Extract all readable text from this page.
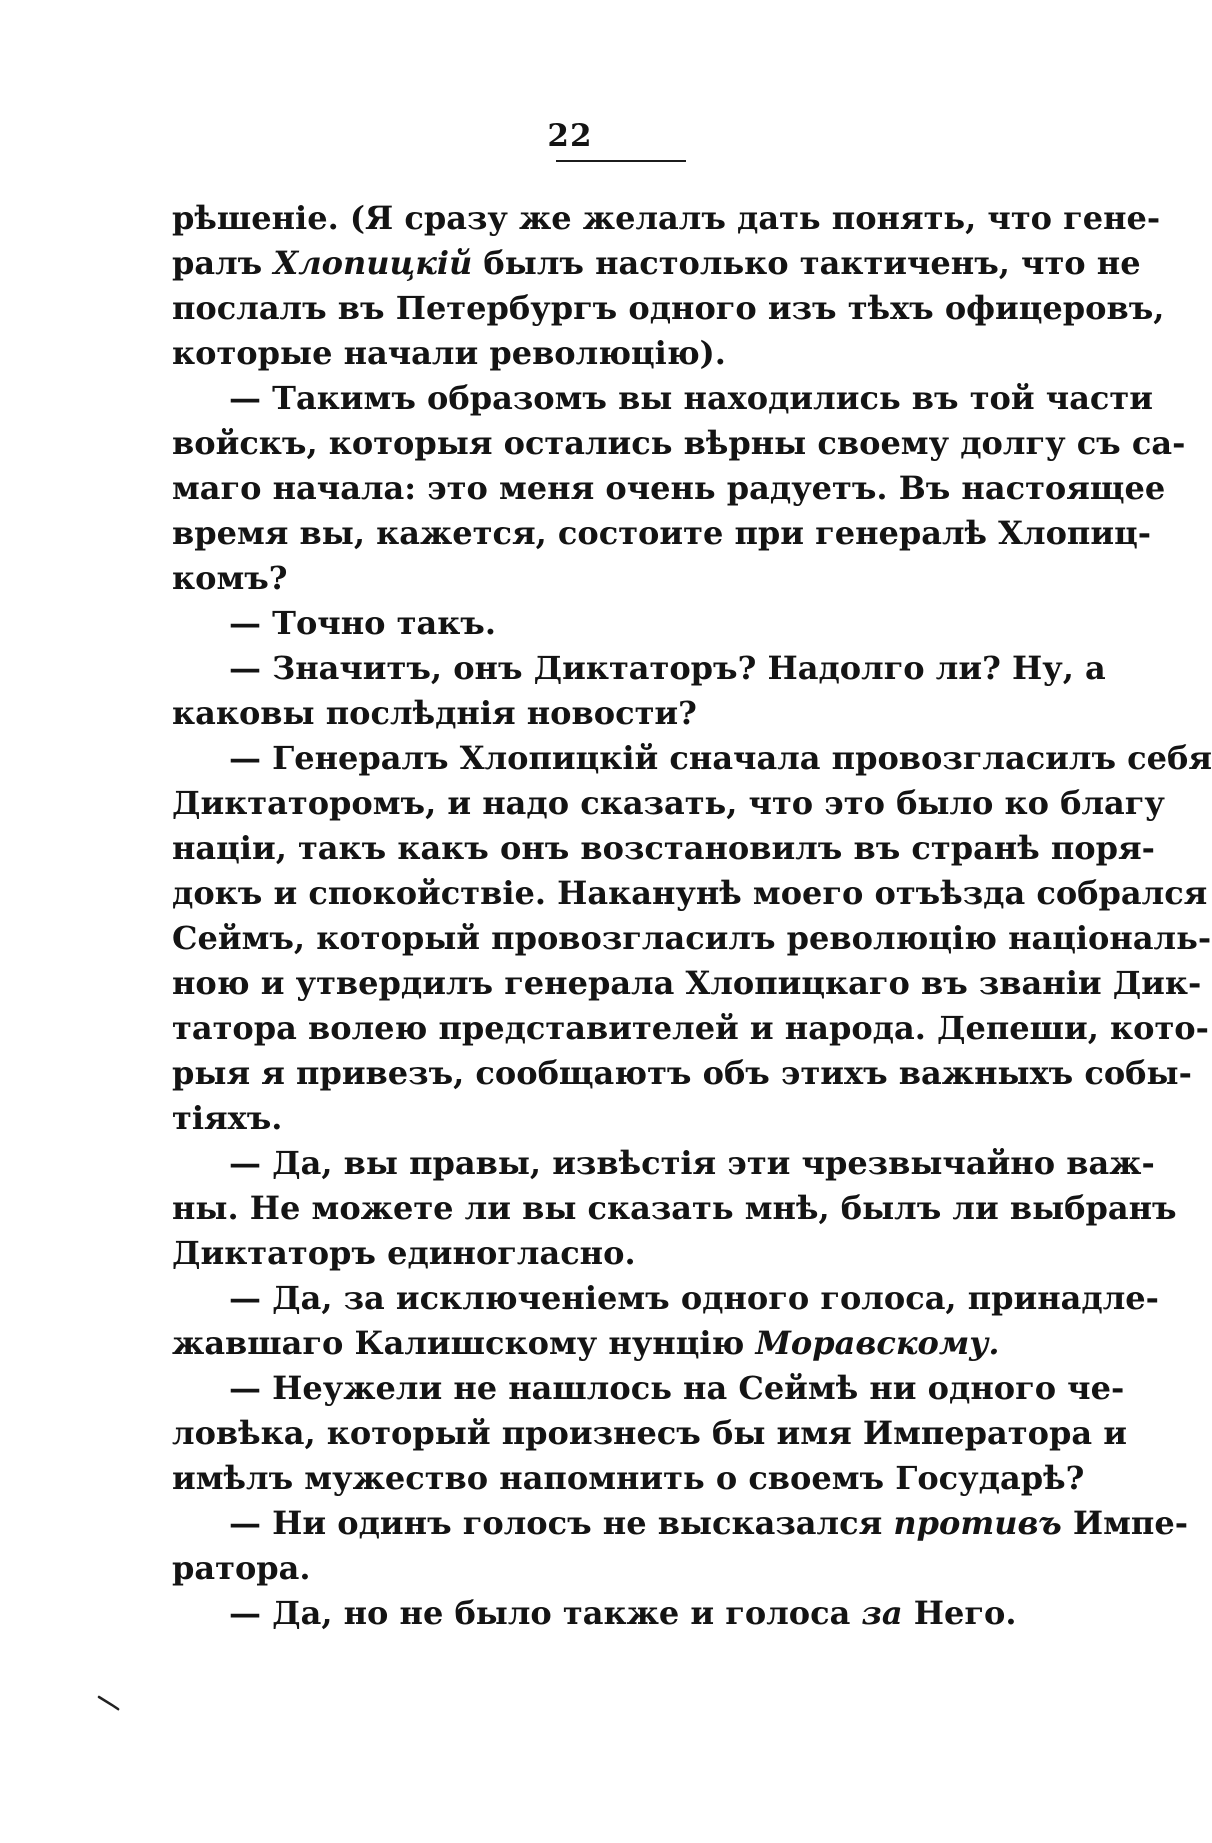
22
рѣшеніе. (Я сразу же желалъ дать понять, что гене-
ралъ Хлопицкій былъ настолько тактиченъ, что не
послалъ въ Петербургъ одного изъ тѣхъ офицеровъ,
которые начали революцію).
— Такимъ образомъ вы находились въ той части
войскъ, которыя остались вѣрны своему долгу съ са-
маго начала: это меня очень радуетъ. Въ настоящее
время вы, кажется, состоите при генералѣ Хлопиц-
комъ?
— Точно такъ.
— Значитъ, онъ Диктаторъ? Надолго ли? Ну, а
каковы послѣднія новости?
— Генералъ Хлопицкій сначала провозгласилъ себя
Диктаторомъ, и надо сказать, что это было ко благу
націи, такъ какъ онъ возстановилъ въ странѣ поря-
докъ и спокойствіе. Наканунѣ моего отъѣзда собрался
Сеймъ, который провозгласилъ революцію національ-
ною и утвердилъ генерала Хлопицкаго въ званіи Дик-
татора волею представителей и народа. Депеши, кото-
рыя я привезъ, сообщаютъ объ этихъ важныхъ собы-
тіяхъ.
— Да, вы правы, извѣстія эти чрезвычайно важ-
ны. Не можете ли вы сказать мнѣ, былъ ли выбранъ
Диктаторъ единогласно.
— Да, за исключеніемъ одного голоса, принадле-
жавшаго Калишскому нунцію Моравскому.
— Неужели не нашлось на Сеймѣ ни одного че-
ловѣка, который произнесъ бы имя Императора и
имѣлъ мужество напомнить о своемъ Государѣ?
— Ни одинъ голосъ не высказался противъ Импе-
ратора.
— Да, но не было также и голоса за Него.
